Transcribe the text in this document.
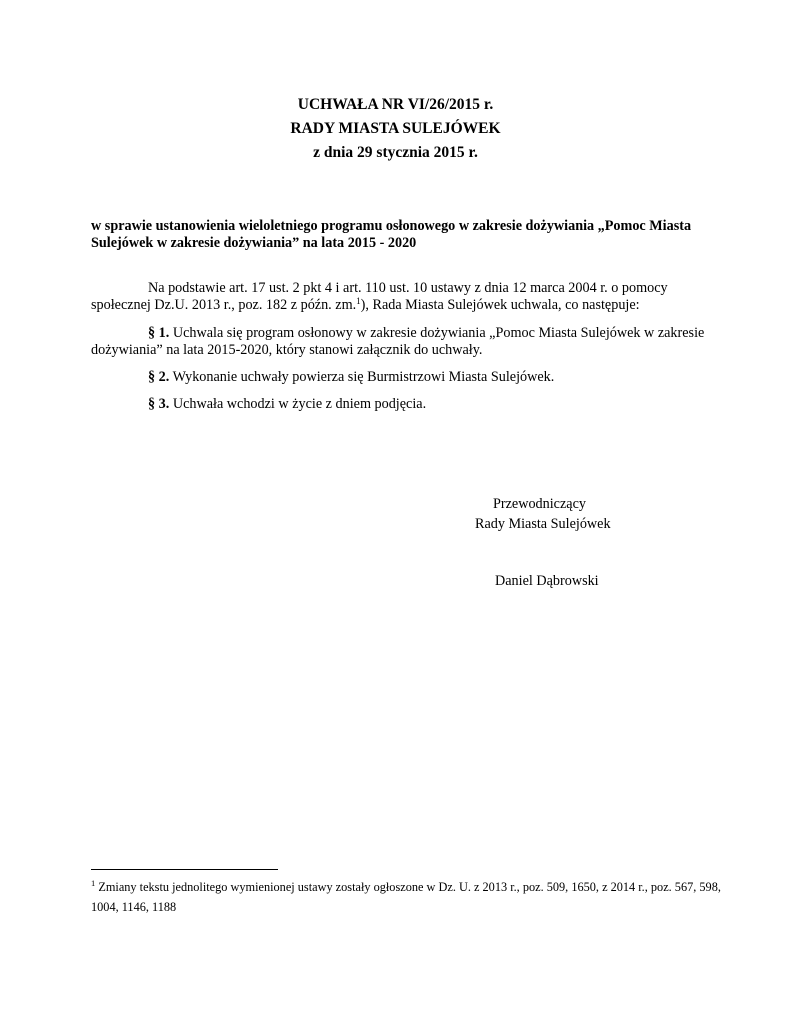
UCHWAŁA NR VI/26/2015 r.
RADY MIASTA SULEJÓWEK
z dnia 29 stycznia 2015 r.
w sprawie ustanowienia wieloletniego programu osłonowego w zakresie dożywiania „Pomoc Miasta Sulejówek w zakresie dożywiania” na lata 2015 - 2020
Na podstawie art. 17 ust. 2 pkt 4 i art. 110 ust. 10 ustawy z dnia 12 marca 2004 r. o pomocy społecznej Dz.U. 2013 r., poz. 182 z późn. zm.$^1$), Rada Miasta Sulejówek uchwala, co następuje:
§ 1. Uchwala się program osłonowy w zakresie dożywiania „Pomoc Miasta Sulejówek w zakresie dożywiania” na lata 2015-2020, który stanowi załącznik do uchwały.
§ 2. Wykonanie uchwały powierza się Burmistrzowi Miasta Sulejówek.
§ 3. Uchwała wchodzi w życie z dniem podjęcia.
Przewodniczący
Rady Miasta Sulejówek
Daniel Dąbrowski
$^1$ Zmiany tekstu jednolitego wymienionej ustawy zostały ogłoszone w Dz. U. z 2013 r., poz. 509, 1650, z 2014 r., poz. 567, 598, 1004, 1146, 1188
